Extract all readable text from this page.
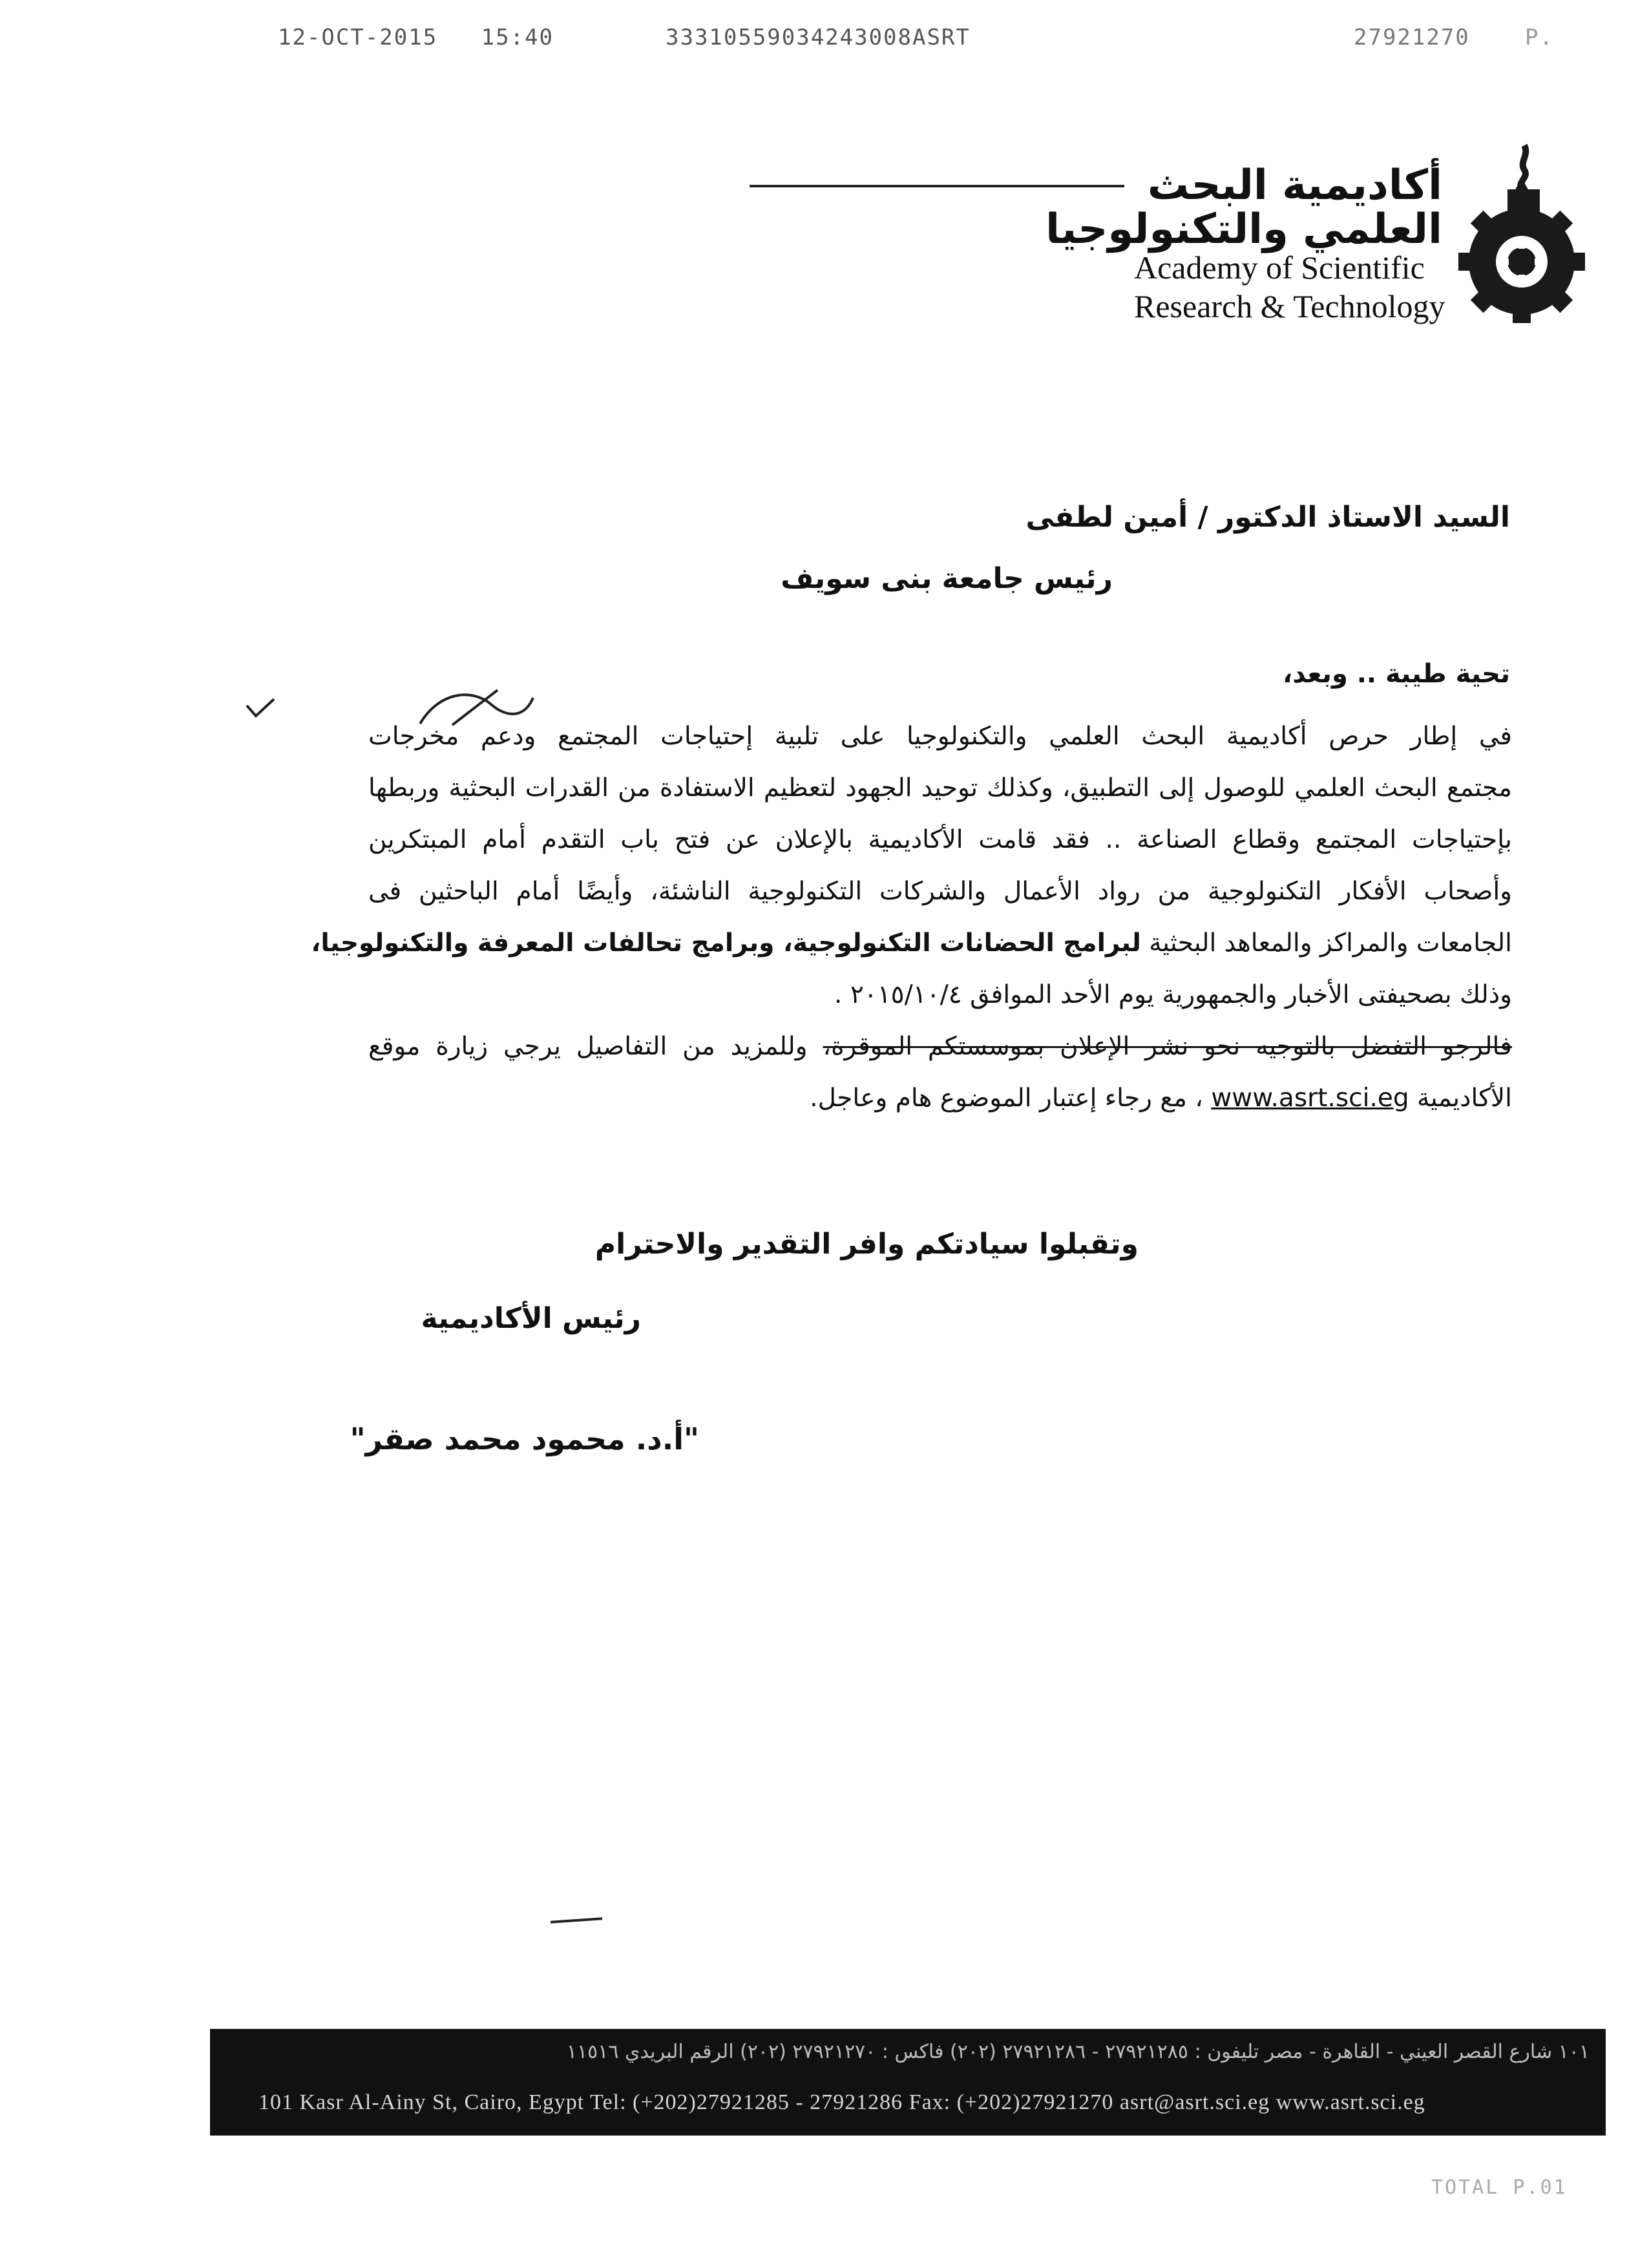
12-OCT-2015 15:40	33310559034243008ASRT	27921270	P.
أكاديمية البحث
العلمي والتكنولوجيا
Academy of Scientific
Research & Technology
السيد الاستاذ الدكتور / أمين لطفى
رئيس جامعة بنى سويف
تحية طيبة .. وبعد،
في إطار حرص أكاديمية البحث العلمي والتكنولوجيا على تلبية إحتياجات المجتمع ودعم مخرجات
مجتمع البحث العلمي للوصول إلى التطبيق، وكذلك توحيد الجهود لتعظيم الاستفادة من القدرات البحثية وربطها
بإحتياجات المجتمع وقطاع الصناعة .. فقد قامت الأكاديمية بالإعلان عن فتح باب التقدم أمام المبتكرين
وأصحاب الأفكار التكنولوجية من رواد الأعمال والشركات التكنولوجية الناشئة، وأيضًا أمام الباحثين فى
الجامعات والمراكز والمعاهد البحثية لبرامج الحضانات التكنولوجية، وبرامج تحالفات المعرفة والتكنولوجيا،
وذلك بصحيفتى الأخبار والجمهورية يوم الأحد الموافق ٢٠١٥/١٠/٤ .
فالرجو التفضل بالتوجيه نحو نشر الإعلان بموسستكم الموقرة، وللمزيد من التفاصيل يرجي زيارة موقع
الأكاديمية www.asrt.sci.eg ، مع رجاء إعتبار الموضوع هام وعاجل.
وتقبلوا سيادتكم وافر التقدير والاحترام
رئيس الأكاديمية
"أ.د. محمود محمد صقر"
١٠١ شارع القصر العيني - القاهرة - مصر تليفون : ٢٧٩٢١٢٨٥ - ٢٧٩٢١٢٨٦ (٢٠٢) فاكس : ٢٧٩٢١٢٧٠ (٢٠٢) الرقم البريدي ١١٥١٦
101 Kasr Al-Ainy St, Cairo, Egypt Tel: (+202)27921285 - 27921286 Fax: (+202)27921270 asrt@asrt.sci.eg www.asrt.sci.eg
TOTAL P.01
